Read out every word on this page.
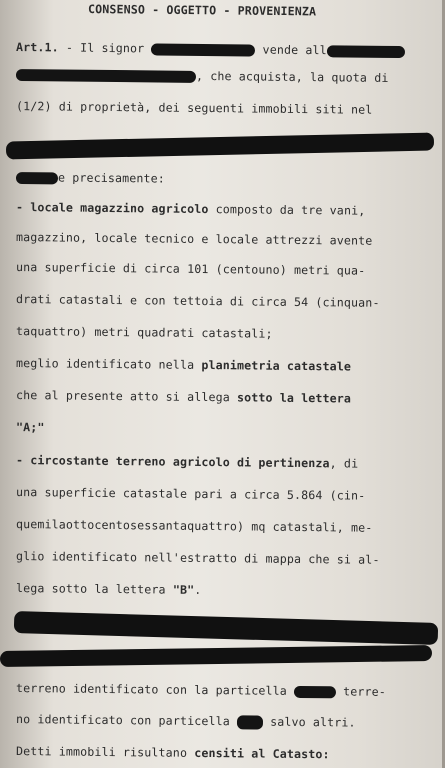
CONSENSO - OGGETTO - PROVENIENZA
Art.1. - Il signor	vende all
, che acquista, la quota di
(1/2) di proprietà, dei seguenti immobili siti nel
e precisamente:
- locale magazzino agricolo composto da tre vani,
magazzino, locale tecnico e locale attrezzi avente
una superficie di circa 101 (centouno) metri qua-
drati catastali e con tettoia di circa 54 (cinquan-
taquattro) metri quadrati catastali;
meglio identificato nella planimetria catastale
che al presente atto si allega sotto la lettera
"A;"
- circostante terreno agricolo di pertinenza, di
una superficie catastale pari a circa 5.864 (cin-
quemilaottocentosessantaquattro) mq catastali, me-
glio identificato nell'estratto di mappa che si al-
lega sotto la lettera "B".
terreno identificato con la particella	terre-
no identificato con particella  salvo altri.
Detti immobili risultano censiti al Catasto:
